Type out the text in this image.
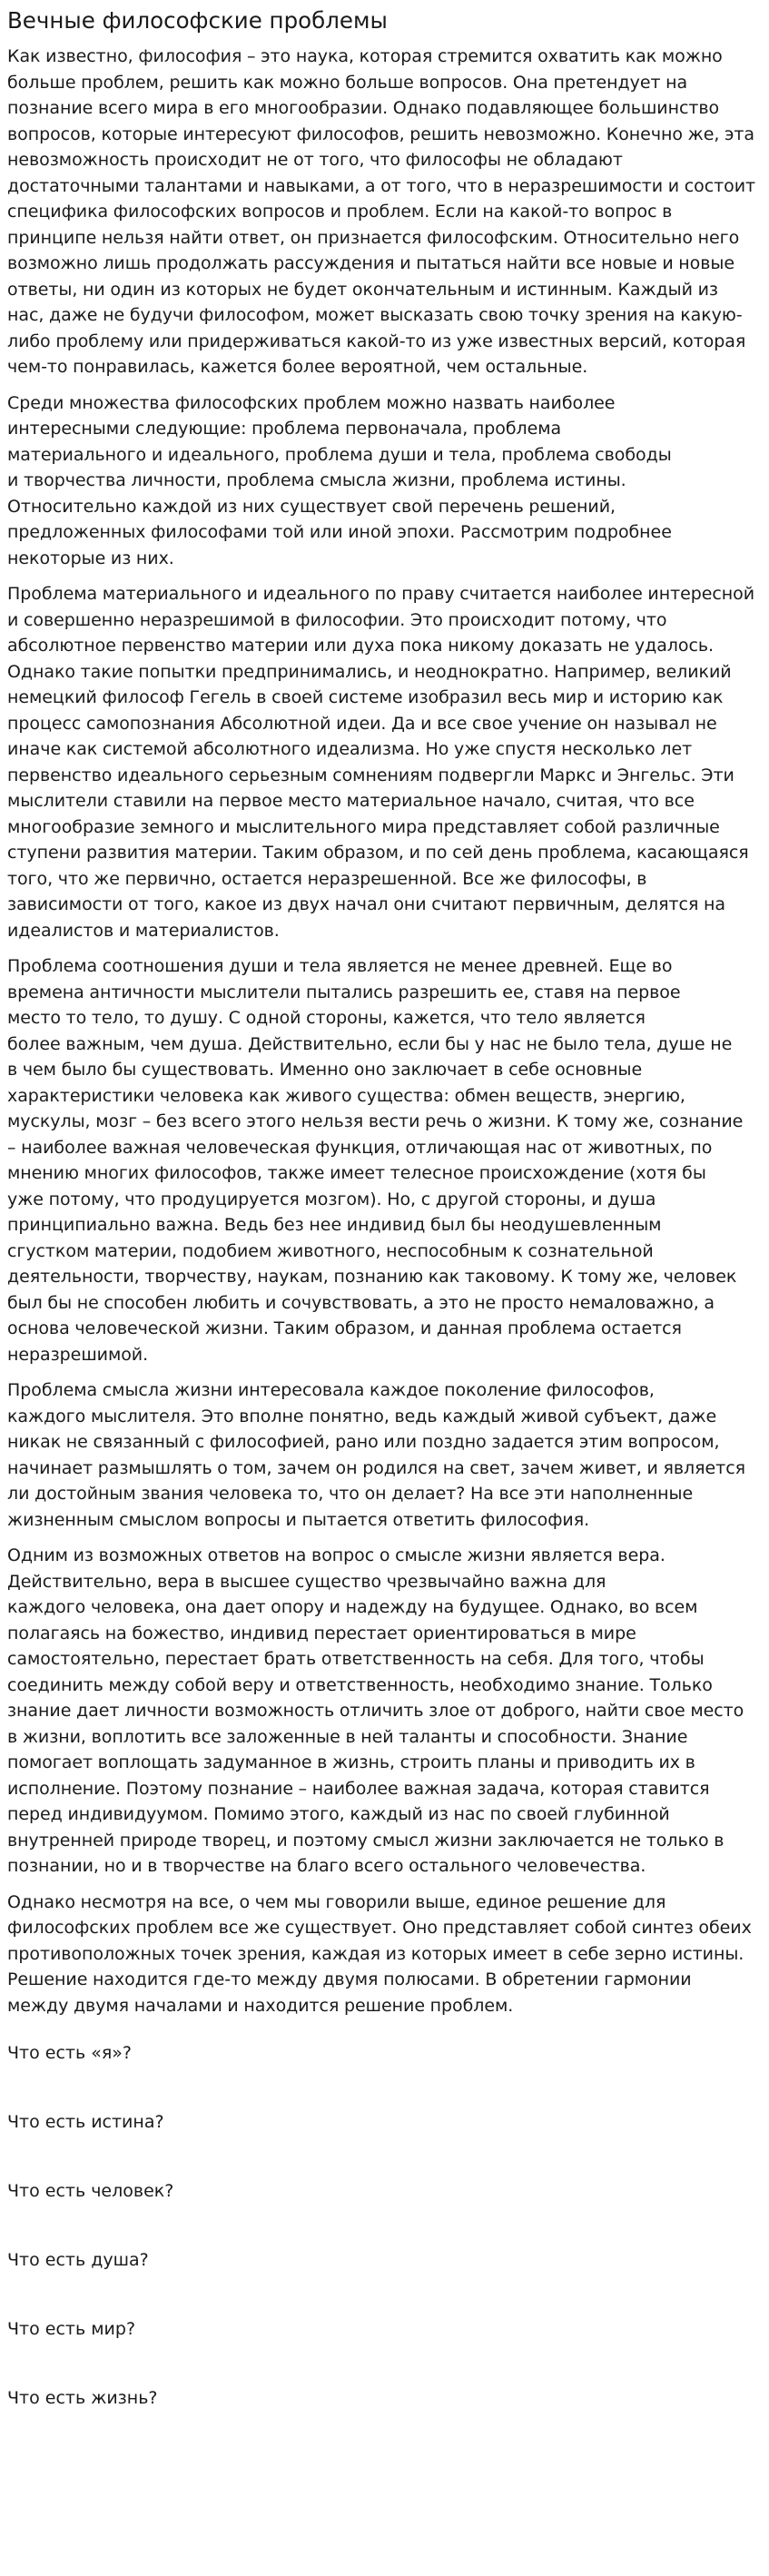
Вечные философские проблемы

Как известно, философия – это наука, которая стремится охватить как можно
больше проблем, решить как можно больше вопросов. Она претендует на
познание всего мира в его многообразии. Однако подавляющее большинство
вопросов, которые интересуют философов, решить невозможно. Конечно же, эта
невозможность происходит не от того, что философы не обладают
достаточными талантами и навыками, а от того, что в неразрешимости и состоит
специфика философских вопросов и проблем. Если на какой-то вопрос в
принципе нельзя найти ответ, он признается философским. Относительно него
возможно лишь продолжать рассуждения и пытаться найти все новые и новые
ответы, ни один из которых не будет окончательным и истинным. Каждый из
нас, даже не будучи философом, может высказать свою точку зрения на какую-
либо проблему или придерживаться какой-то из уже известных версий, которая
чем-то понравилась, кажется более вероятной, чем остальные.

Среди множества философских проблем можно назвать наиболее
интересными следующие: проблема первоначала, проблема
материального и идеального, проблема души и тела, проблема свободы
и творчества личности, проблема смысла жизни, проблема истины.
Относительно каждой из них существует свой перечень решений,
предложенных философами той или иной эпохи. Рассмотрим подробнее
некоторые из них.

Проблема материального и идеального по праву считается наиболее интересной
и совершенно неразрешимой в философии. Это происходит потому, что
абсолютное первенство материи или духа пока никому доказать не удалось.
Однако такие попытки предпринимались, и неоднократно. Например, великий
немецкий философ Гегель в своей системе изобразил весь мир и историю как
процесс самопознания Абсолютной идеи. Да и все свое учение он называл не
иначе как системой абсолютного идеализма. Но уже спустя несколько лет
первенство идеального серьезным сомнениям подвергли Маркс и Энгельс. Эти
мыслители ставили на первое место материальное начало, считая, что все
многообразие земного и мыслительного мира представляет собой различные
ступени развития материи. Таким образом, и по сей день проблема, касающаяся
того, что же первично, остается неразрешенной. Все же философы, в
зависимости от того, какое из двух начал они считают первичным, делятся на
идеалистов и материалистов.

Проблема соотношения души и тела является не менее древней. Еще во
времена античности мыслители пытались разрешить ее, ставя на первое
место то тело, то душу. С одной стороны, кажется, что тело является
более важным, чем душа. Действительно, если бы у нас не было тела, душе не
в чем было бы существовать. Именно оно заключает в себе основные
характеристики человека как живого существа: обмен веществ, энергию,
мускулы, мозг – без всего этого нельзя вести речь о жизни. К тому же, сознание
– наиболее важная человеческая функция, отличающая нас от животных, по
мнению многих философов, также имеет телесное происхождение (хотя бы
уже потому, что продуцируется мозгом). Но, с другой стороны, и душа
принципиально важна. Ведь без нее индивид был бы неодушевленным
сгустком материи, подобием животного, неспособным к сознательной
деятельности, творчеству, наукам, познанию как таковому. К тому же, человек
был бы не способен любить и сочувствовать, а это не просто немаловажно, а
основа человеческой жизни. Таким образом, и данная проблема остается
неразрешимой.

Проблема смысла жизни интересовала каждое поколение философов,
каждого мыслителя. Это вполне понятно, ведь каждый живой субъект, даже
никак не связанный с философией, рано или поздно задается этим вопросом,
начинает размышлять о том, зачем он родился на свет, зачем живет, и является
ли достойным звания человека то, что он делает? На все эти наполненные
жизненным смыслом вопросы и пытается ответить философия.

Одним из возможных ответов на вопрос о смысле жизни является вера.
Действительно, вера в высшее существо чрезвычайно важна для
каждого человека, она дает опору и надежду на будущее. Однако, во всем
полагаясь на божество, индивид перестает ориентироваться в мире
самостоятельно, перестает брать ответственность на себя. Для того, чтобы
соединить между собой веру и ответственность, необходимо знание. Только
знание дает личности возможность отличить злое от доброго, найти свое место
в жизни, воплотить все заложенные в ней таланты и способности. Знание
помогает воплощать задуманное в жизнь, строить планы и приводить их в
исполнение. Поэтому познание – наиболее важная задача, которая ставится
перед индивидуумом. Помимо этого, каждый из нас по своей глубинной
внутренней природе творец, и поэтому смысл жизни заключается не только в
познании, но и в творчестве на благо всего остального человечества.

Однако несмотря на все, о чем мы говорили выше, единое решение для
философских проблем все же существует. Оно представляет собой синтез обеих
противоположных точек зрения, каждая из которых имеет в себе зерно истины.
Решение находится где-то между двумя полюсами. В обретении гармонии
между двумя началами и находится решение проблем.

Что есть «я»?
Что есть истина?
Что есть человек?
Что есть душа?
Что есть мир?
Что есть жизнь?
